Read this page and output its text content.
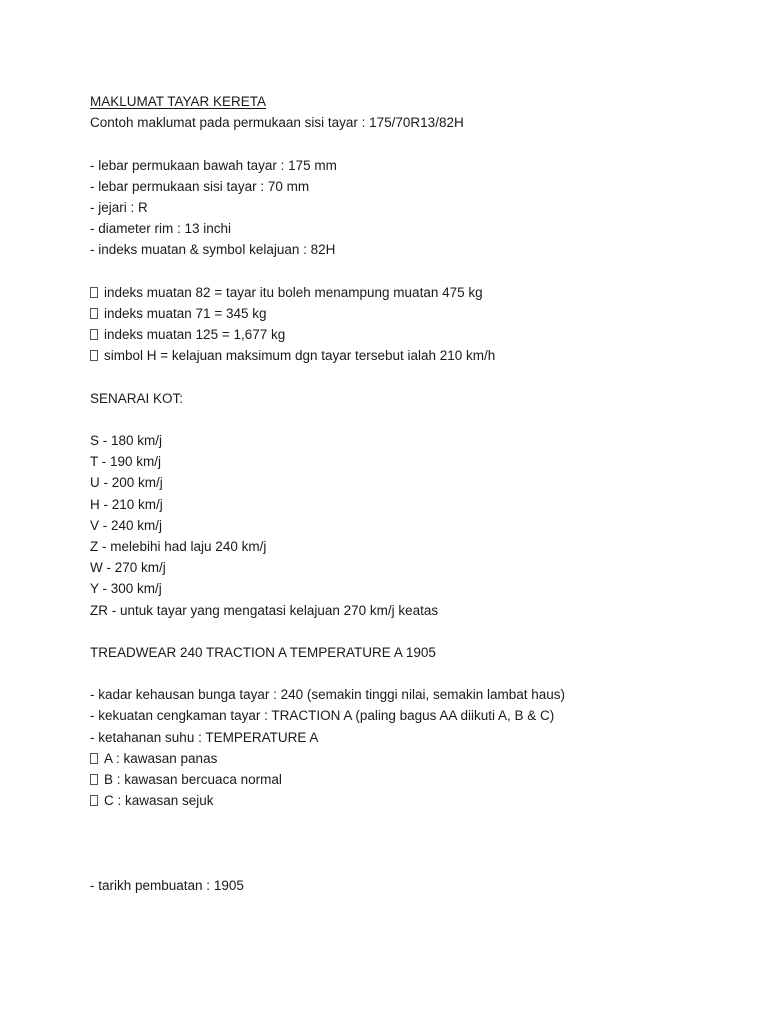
MAKLUMAT TAYAR KERETA
Contoh maklumat pada permukaan sisi tayar : 175/70R13/82H
- lebar permukaan bawah tayar : 175 mm
- lebar permukaan sisi tayar : 70 mm
- jejari : R
- diameter rim : 13 inchi
- indeks muatan & symbol kelajuan : 82H
indeks muatan 82 = tayar itu boleh menampung muatan 475 kg
indeks muatan 71 = 345 kg
indeks muatan 125 = 1,677 kg
simbol H = kelajuan maksimum dgn tayar tersebut ialah 210 km/h
SENARAI KOT:
S - 180 km/j
T - 190 km/j
U - 200 km/j
H - 210 km/j
V - 240 km/j
Z - melebihi had laju 240 km/j
W - 270 km/j
Y - 300 km/j
ZR - untuk tayar yang mengatasi kelajuan 270 km/j keatas
TREADWEAR 240 TRACTION A TEMPERATURE A 1905
- kadar kehausan bunga tayar : 240 (semakin tinggi nilai, semakin lambat haus)
- kekuatan cengkaman tayar : TRACTION A (paling bagus AA diikuti A, B & C)
- ketahanan suhu : TEMPERATURE A
A : kawasan panas
B : kawasan bercuaca normal
C : kawasan sejuk
- tarikh pembuatan : 1905
